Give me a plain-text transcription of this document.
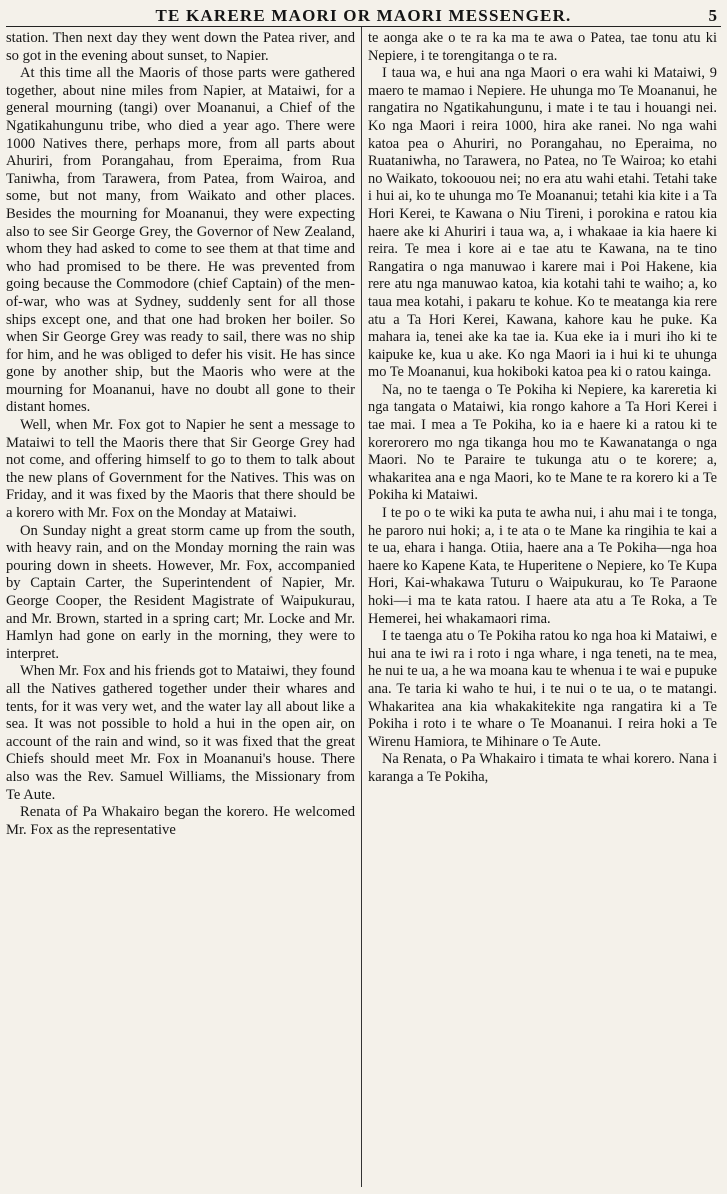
TE KARERE MAORI OR MAORI MESSENGER.	5

station. Then next day they went down the Patea river, and so got in the evening about sunset, to Napier.

At this time all the Maoris of those parts were gathered together, about nine miles from Napier, at Mataiwi, for a general mourning (tangi) over Moananui, a Chief of the Ngatikahungunu tribe, who died a year ago. There were 1000 Natives there, perhaps more, from all parts about Ahuriri, from Porangahau, from Eperaima, from Rua Taniwha, from Tarawera, from Patea, from Wairoa, and some, but not many, from Waikato and other places. Besides the mourning for Moananui, they were expecting also to see Sir George Grey, the Governor of New Zealand, whom they had asked to come to see them at that time and who had promised to be there. He was prevented from going because the Commodore (chief Captain) of the men-of-war, who was at Sydney, suddenly sent for all those ships except one, and that one had broken her boiler. So when Sir George Grey was ready to sail, there was no ship for him, and he was obliged to defer his visit. He has since gone by another ship, but the Maoris who were at the mourning for Moananui, have no doubt all gone to their distant homes.

Well, when Mr. Fox got to Napier he sent a message to Mataiwi to tell the Maoris there that Sir George Grey had not come, and offering himself to go to them to talk about the new plans of Government for the Natives. This was on Friday, and it was fixed by the Maoris that there should be a korero with Mr. Fox on the Monday at Mataiwi.

On Sunday night a great storm came up from the south, with heavy rain, and on the Monday morning the rain was pouring down in sheets. However, Mr. Fox, accompanied by Captain Carter, the Superintendent of Napier, Mr. George Cooper, the Resident Magistrate of Waipukurau, and Mr. Brown, started in a spring cart; Mr. Locke and Mr. Hamlyn had gone on early in the morning, they were to interpret.

When Mr. Fox and his friends got to Mataiwi, they found all the Natives gathered together under their whares and tents, for it was very wet, and the water lay all about like a sea. It was not possible to hold a hui in the open air, on account of the rain and wind, so it was fixed that the great Chiefs should meet Mr. Fox in Moananui's house. There also was the Rev. Samuel Williams, the Missionary from Te Aute.

Renata of Pa Whakairo began the korero. He welcomed Mr. Fox as the representative

te aonga ake o te ra ka ma te awa o Patea, tae tonu atu ki Nepiere, i te torengitanga o te ra.

I taua wa, e hui ana nga Maori o era wahi ki Mataiwi, 9 maero te mamao i Nepiere. He uhunga mo Te Moananui, he rangatira no Ngatikahungunu, i mate i te tau i houangi nei. Ko nga Maori i reira 1000, hira ake ranei. No nga wahi katoa pea o Ahuriri, no Porangahau, no Eperaima, no Ruataniwha, no Tarawera, no Patea, no Te Wairoa; ko etahi no Waikato, tokoouou nei; no era atu wahi etahi. Tetahi take i hui ai, ko te uhunga mo Te Moananui; tetahi kia kite i a Ta Hori Kerei, te Kawana o Niu Tireni, i porokina e ratou kia haere ake ki Ahuriri i taua wa, a, i whakaae ia kia haere ki reira. Te mea i kore ai e tae atu te Kawana, na te tino Rangatira o nga manuwao i karere mai i Poi Hakene, kia rere atu nga manuwao katoa, kia kotahi tahi te waiho; a, ko taua mea kotahi, i pakaru te kohue. Ko te meatanga kia rere atu a Ta Hori Kerei, Kawana, kahore kau he puke. Ka mahara ia, tenei ake ka tae ia. Kua eke ia i muri iho ki te kaipuke ke, kua u ake. Ko nga Maori ia i hui ki te uhunga mo Te Moananui, kua hokiboki katoa pea ki o ratou kainga.

Na, no te taenga o Te Pokiha ki Nepiere, ka kareretia ki nga tangata o Mataiwi, kia rongo kahore a Ta Hori Kerei i tae mai. I mea a Te Pokiha, ko ia e haere ki a ratou ki te korerorero mo nga tikanga hou mo te Kawanatanga o nga Maori. No te Paraire te tukunga atu o te korere; a, whakaritea ana e nga Maori, ko te Mane te ra korero ki a Te Pokiha ki Mataiwi.

I te po o te wiki ka puta te awha nui, i ahu mai i te tonga, he paroro nui hoki; a, i te ata o te Mane ka ringihia te kai a te ua, ehara i hanga. Otiia, haere ana a Te Pokiha—nga hoa haere ko Kapene Kata, te Huperitene o Nepiere, ko Te Kupa Hori, Kai-whakawa Tuturu o Waipukurau, ko Te Paraone hoki—i ma te kata ratou. I haere ata atu a Te Roka, a Te Hemerei, hei whakamaori rima.

I te taenga atu o Te Pokiha ratou ko nga hoa ki Mataiwi, e hui ana te iwi ra i roto i nga whare, i nga teneti, na te mea, he nui te ua, a he wa moana kau te whenua i te wai e pupuke ana. Te taria ki waho te hui, i te nui o te ua, o te matangi. Whakaritea ana kia whakakitekite nga rangatira ki a Te Pokiha i roto i te whare o Te Moananui. I reira hoki a Te Wirenu Hamiora, te Mihinare o Te Aute.

Na Renata, o Pa Whakairo i timata te whai korero. Nana i karanga a Te Pokiha,
